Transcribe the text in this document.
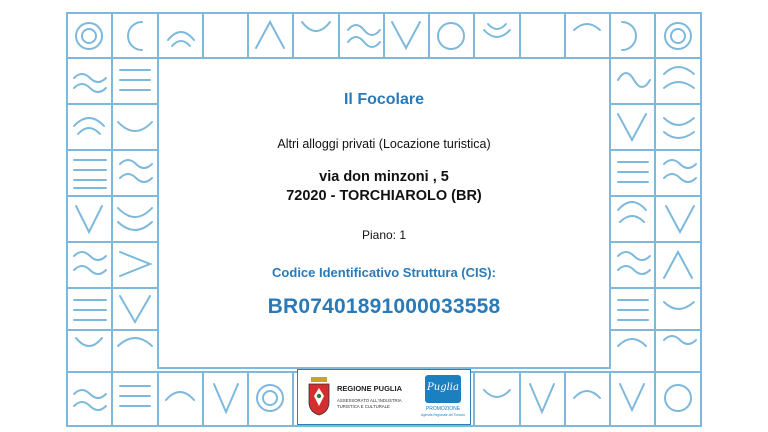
Il Focolare
Altri alloggi privati (Locazione turistica)
via don minzoni , 5
72020 - TORCHIAROLO (BR)
Piano: 1
Codice Identificativo Struttura (CIS):
BR07401891000033558
REGIONE PUGLIA
ASSESSORATO ALL'INDUSTRIA
TURISTICA E CULTURALE
Puglia
PROMOZIONE
Agenzia Regionale del Turismo
